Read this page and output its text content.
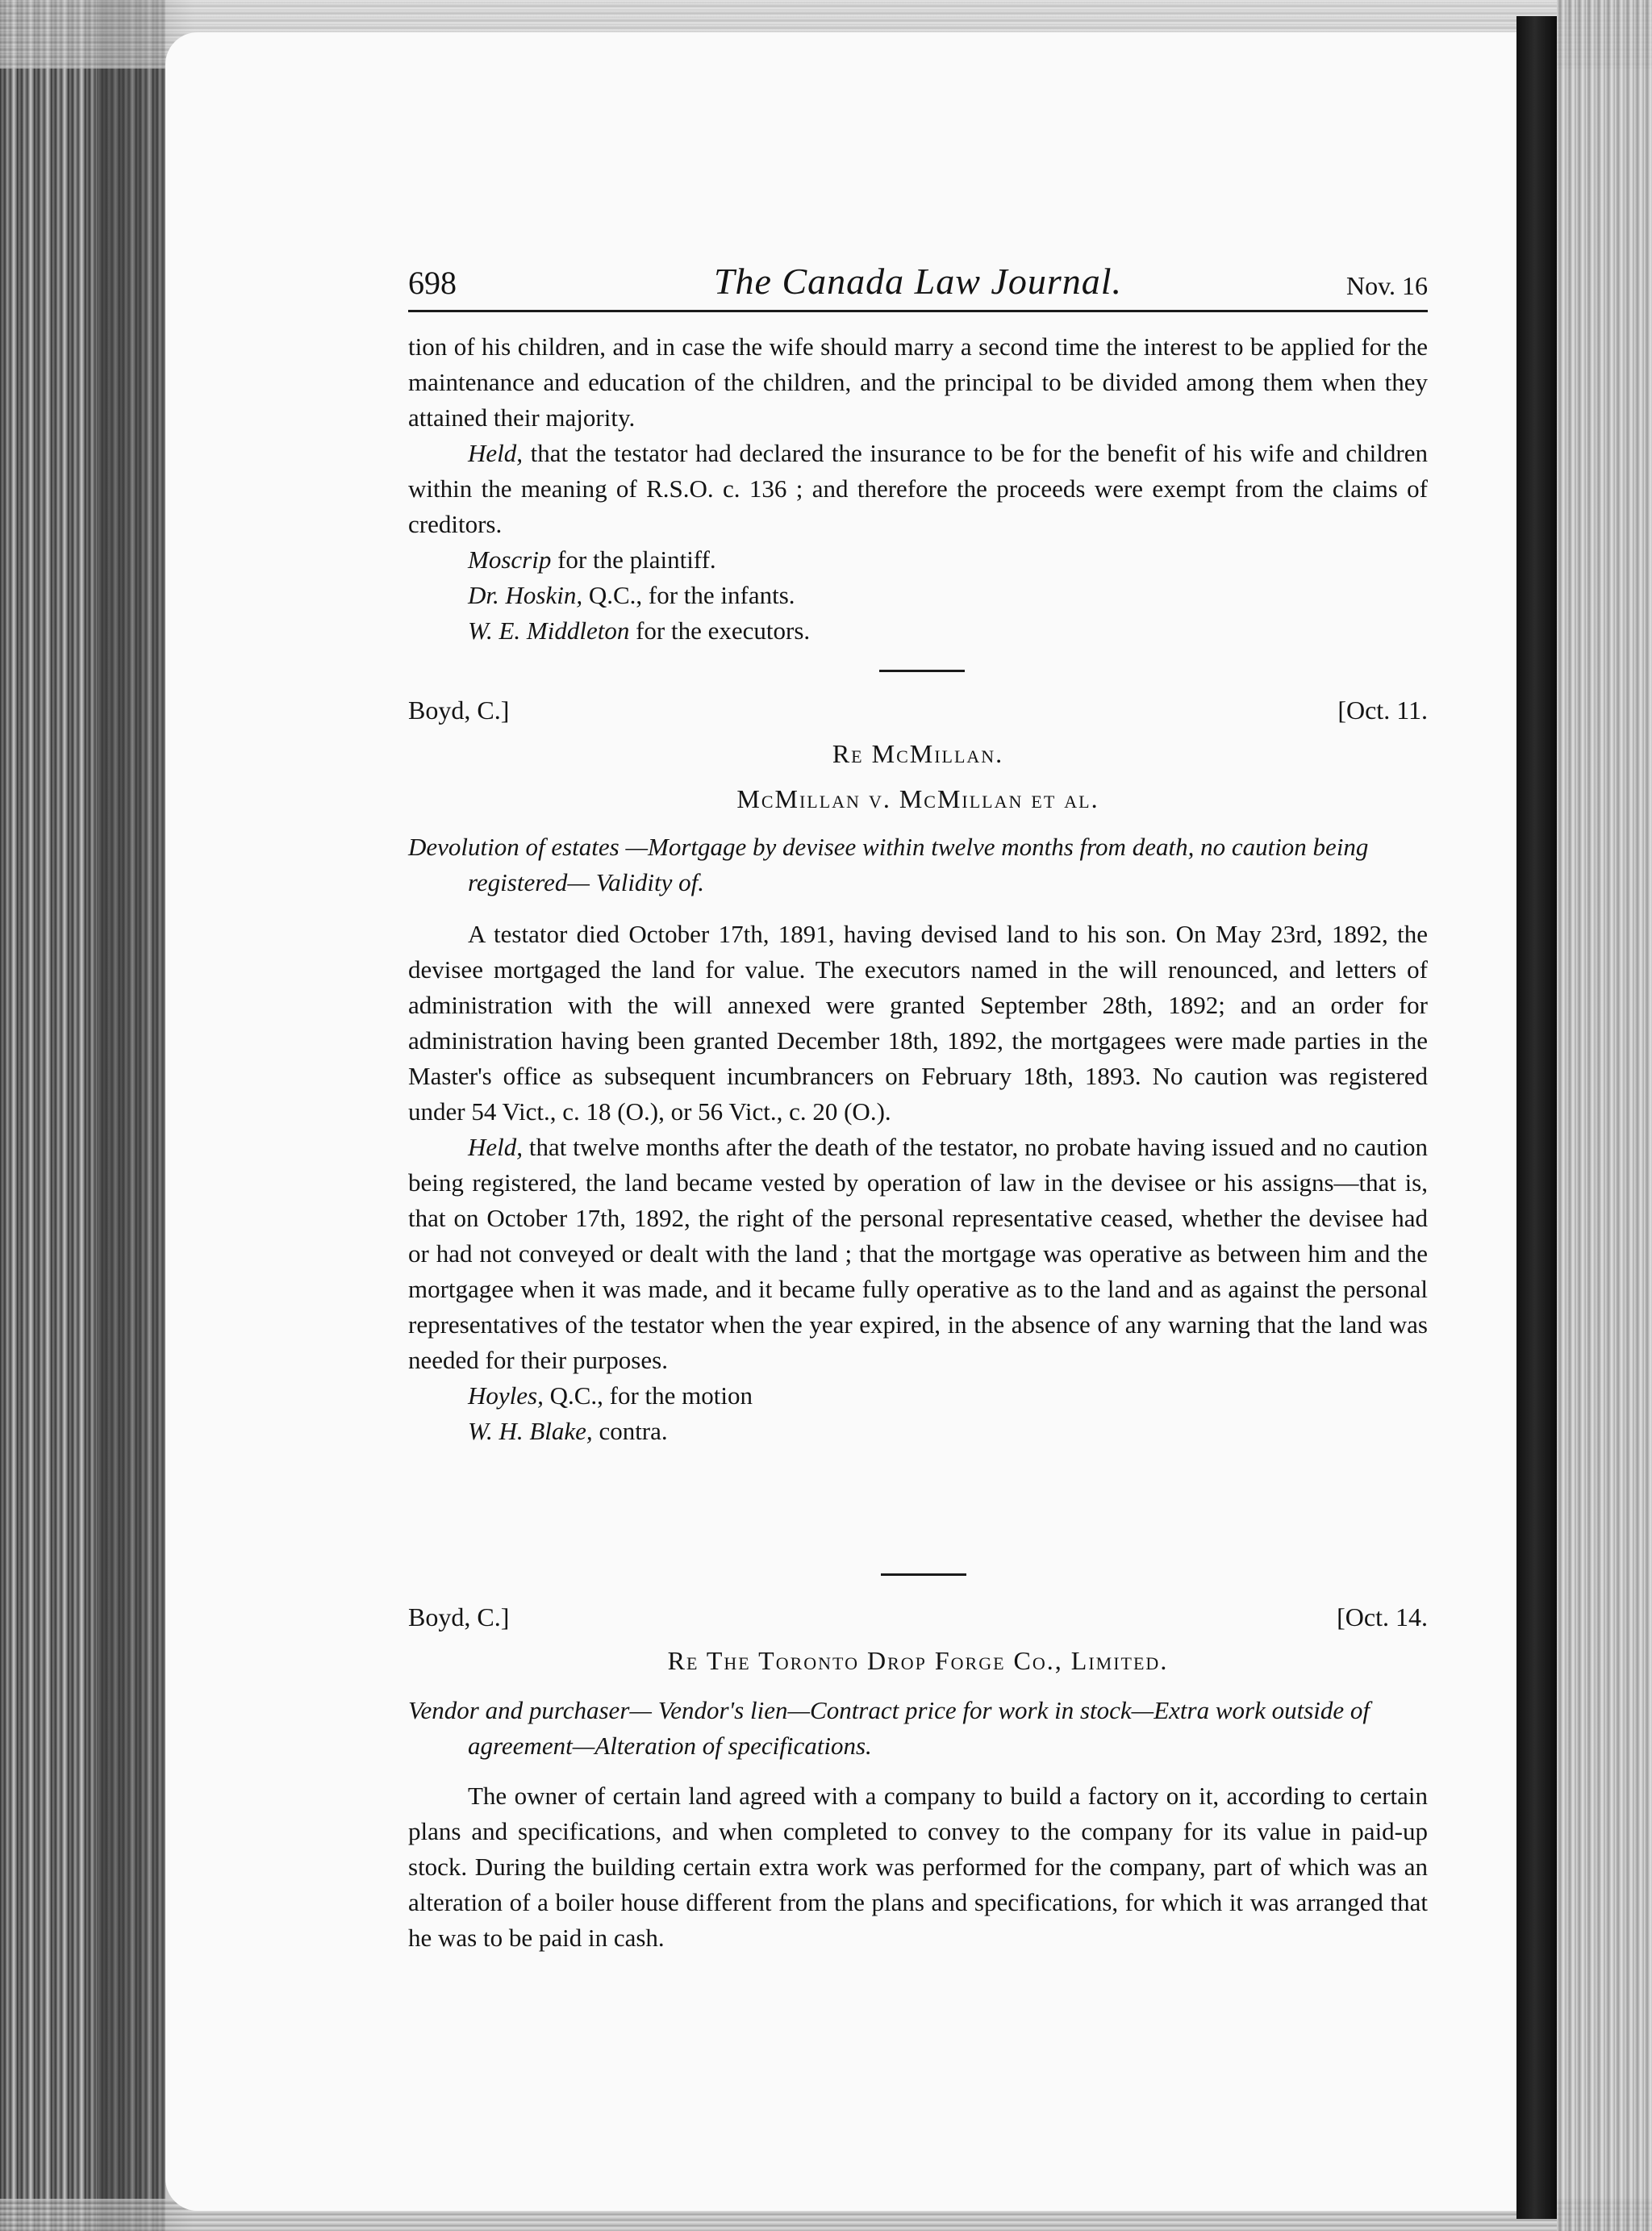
698	The Canada Law Journal.	Nov. 16

tion of his children, and in case the wife should marry a second time the interest to be applied for the maintenance and education of the children, and the principal to be divided among them when they attained their majority.

Held, that the testator had declared the insurance to be for the benefit of his wife and children within the meaning of R.S.O. c. 136 ; and therefore the proceeds were exempt from the claims of creditors.

Moscrip for the plaintiff.

Dr. Hoskin, Q.C., for the infants.

W. E. Middleton for the executors.

Boyd, C.]	[Oct. 11.
Re McMillan.
McMillan v. McMillan et al.
Devolution of estates —Mortgage by devisee within twelve months from death, no caution being registered— Validity of.

A testator died October 17th, 1891, having devised land to his son. On May 23rd, 1892, the devisee mortgaged the land for value. The executors named in the will renounced, and letters of administration with the will annexed were granted September 28th, 1892; and an order for administration having been granted December 18th, 1892, the mortgagees were made parties in the Master's office as subsequent incumbrancers on February 18th, 1893. No caution was registered under 54 Vict., c. 18 (O.), or 56 Vict., c. 20 (O.).

Held, that twelve months after the death of the testator, no probate having issued and no caution being registered, the land became vested by operation of law in the devisee or his assigns—that is, that on October 17th, 1892, the right of the personal representative ceased, whether the devisee had or had not conveyed or dealt with the land ; that the mortgage was operative as between him and the mortgagee when it was made, and it became fully operative as to the land and as against the personal representatives of the testator when the year expired, in the absence of any warning that the land was needed for their purposes.

Hoyles, Q.C., for the motion

W. H. Blake, contra.

Boyd, C.]	[Oct. 14.
Re The Toronto Drop Forge Co., Limited.
Vendor and purchaser— Vendor's lien—Contract price for work in stock—Extra work outside of agreement—Alteration of specifications.

The owner of certain land agreed with a company to build a factory on it, according to certain plans and specifications, and when completed to convey to the company for its value in paid-up stock. During the building certain extra work was performed for the company, part of which was an alteration of a boiler house different from the plans and specifications, for which it was arranged that he was to be paid in cash.
